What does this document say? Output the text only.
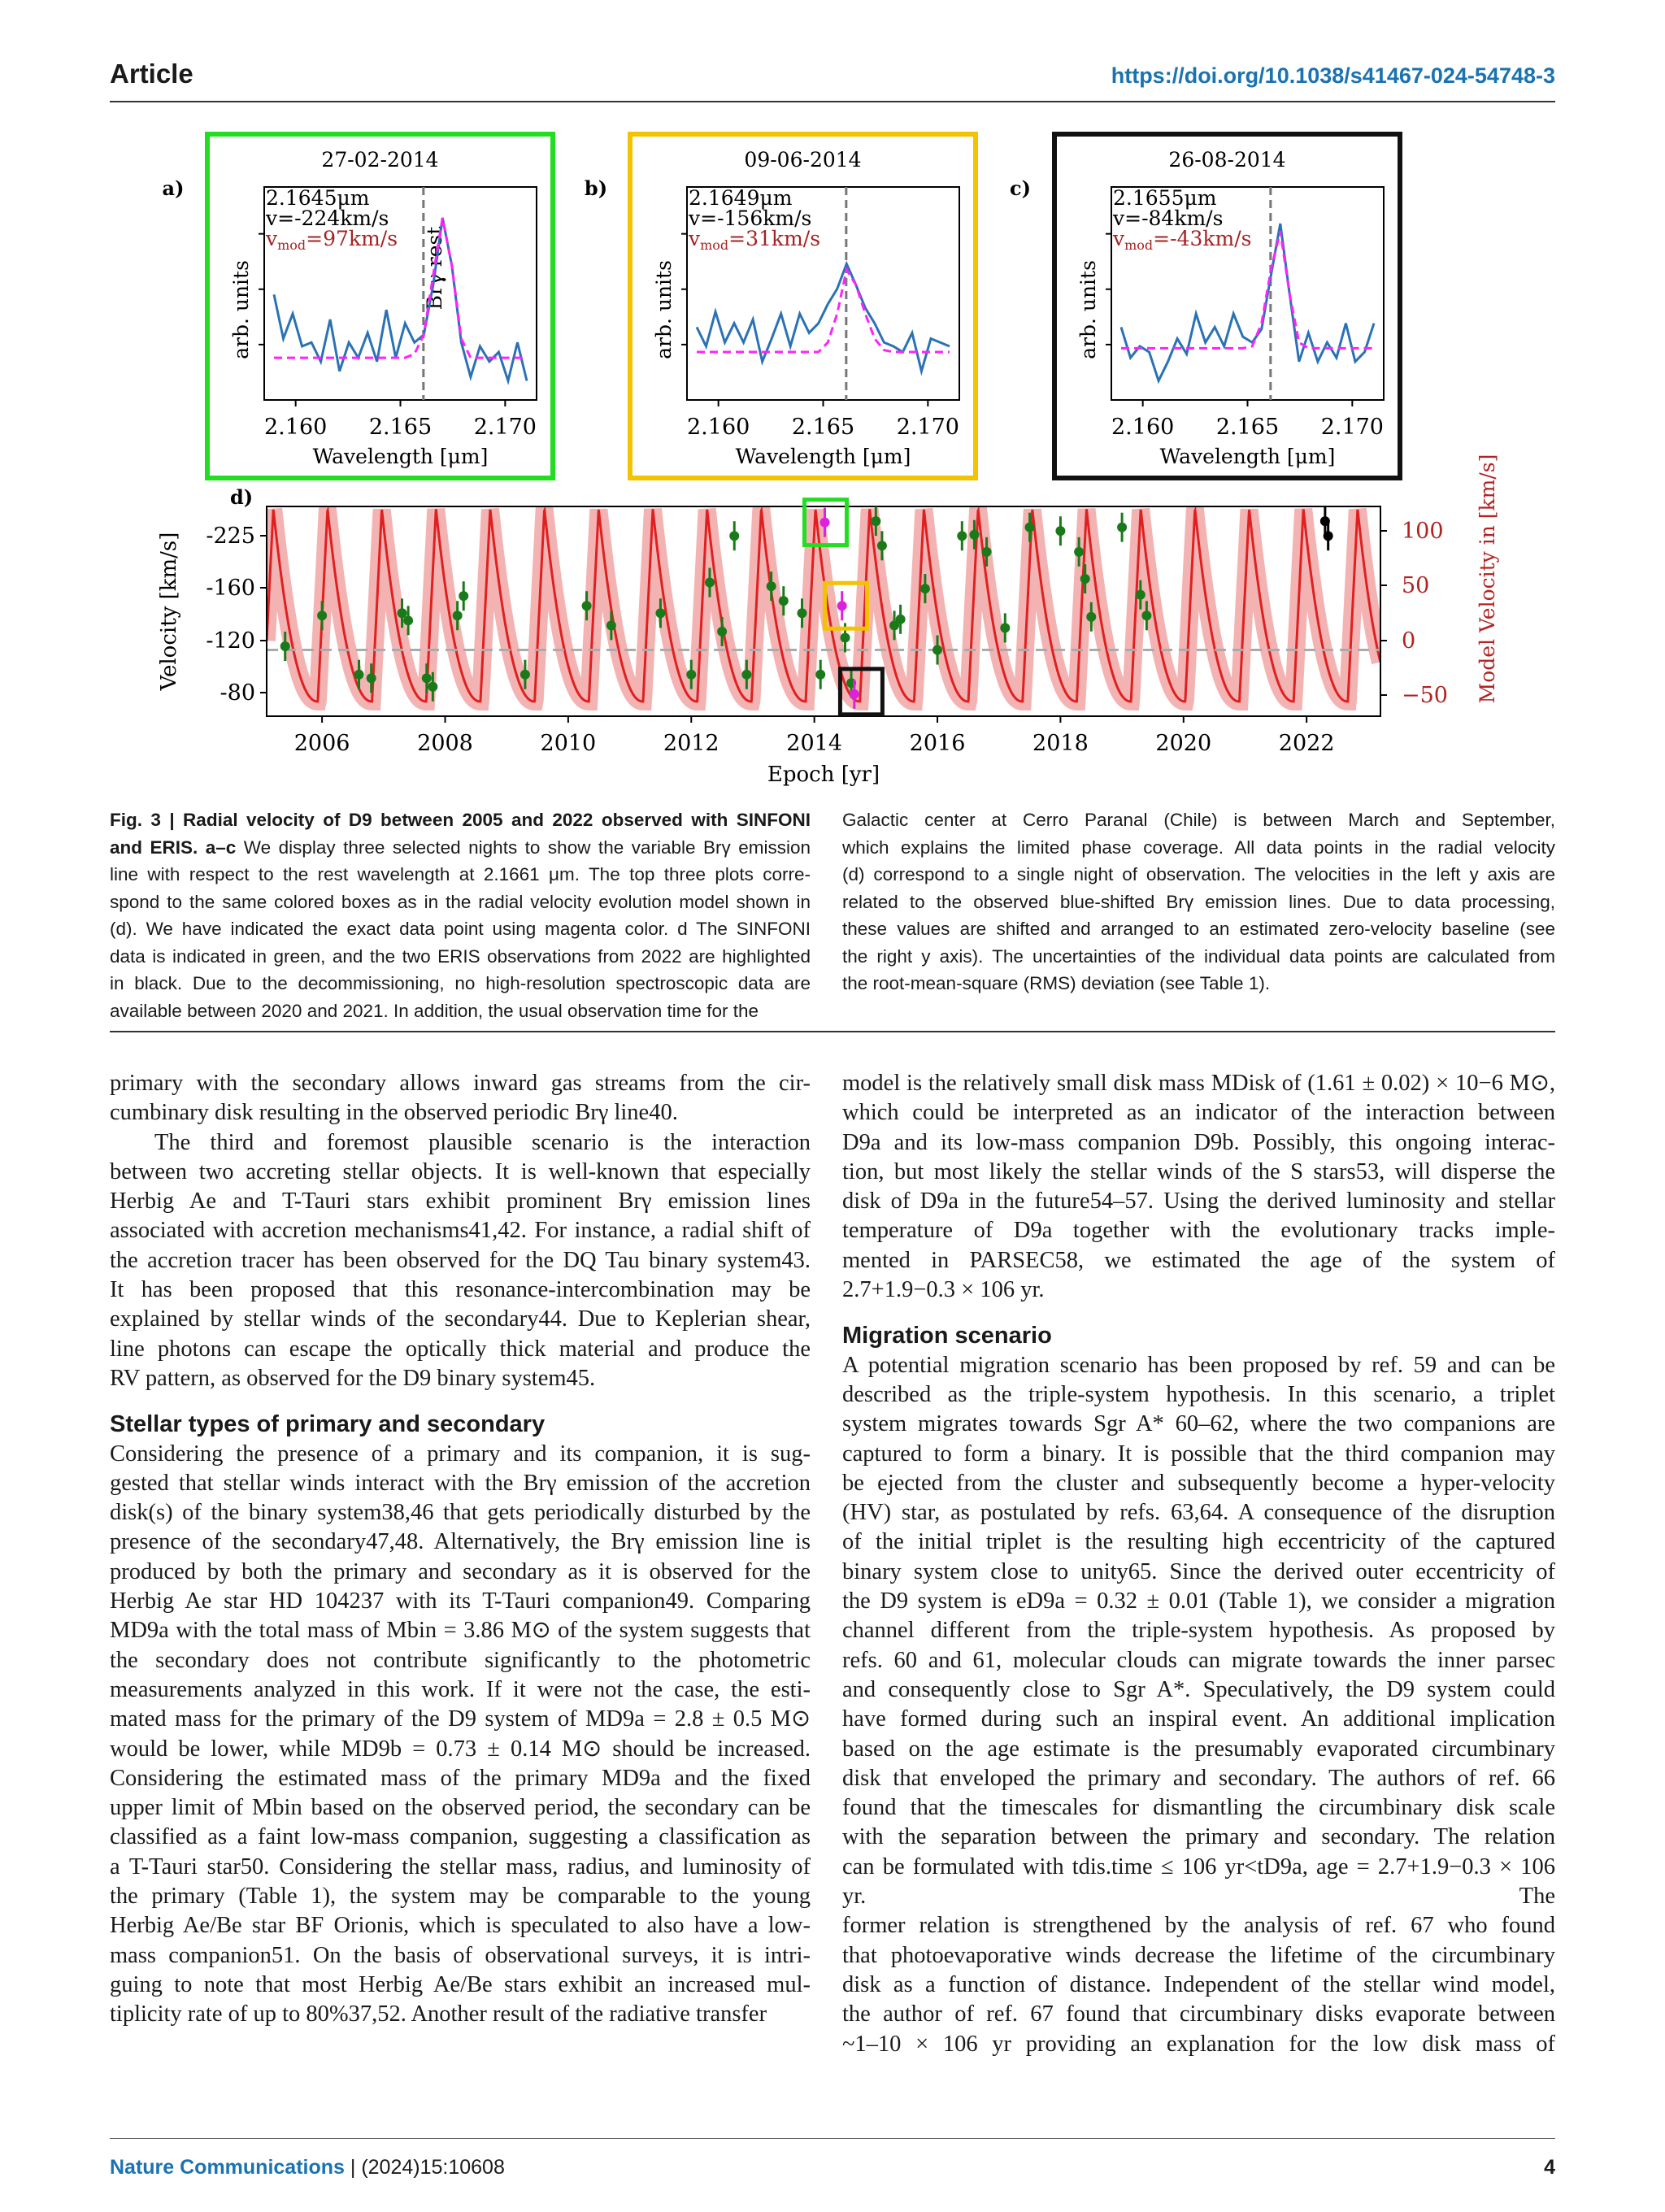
Article	https://doi.org/10.1038/s41467-024-54748-3
27-02-2014
a)
2.160 2.165 2.170
Wavelength [μm]
arb. units	Brγ rest
2.1645μm
v=-224km/s
$v_{mod}=97km/s$
09-06-2014
b)
2.160 2.165 2.170
Wavelength [μm]
arb. units
2.1649μm
v=-156km/s
$v_{mod}=31km/s$
26-08-2014
c)
2.160 2.165 2.170
Wavelength [μm]
arb. units
2.1655μm
v=-84km/s
$v_{mod}=-43km/s$
d)
2006	2008	2010	2012	2014	2016	2018	2020	2022
Epoch [yr]
-225
-160
-120
-80
Velocity [km/s]
100
50
0
−50 Model Velocity in [km/s]
Fig. 3 | Radial velocity of D9 between 2005 and 2022 observed with SINFONI
and ERIS. a–c We display three selected nights to show the variable Brγ emission
line with respect to the rest wavelength at 2.1661 μm. The top three plots corre-
spond to the same colored boxes as in the radial velocity evolution model shown in
(d). We have indicated the exact data point using magenta color. d The SINFONI
data is indicated in green, and the two ERIS observations from 2022 are highlighted
in black. Due to the decommissioning, no high-resolution spectroscopic data are
available between 2020 and 2021. In addition, the usual observation time for the
Galactic center at Cerro Paranal (Chile) is between March and September,
which explains the limited phase coverage. All data points in the radial velocity
(d) correspond to a single night of observation. The velocities in the left y axis are
related to the observed blue-shifted Brγ emission lines. Due to data processing,
these values are shifted and arranged to an estimated zero-velocity baseline (see
the right y axis). The uncertainties of the individual data points are calculated from
the root-mean-square (RMS) deviation (see Table 1).
primary with the secondary allows inward gas streams from the cir-
cumbinary disk resulting in the observed periodic Brγ line40.
The third and foremost plausible scenario is the interaction
between two accreting stellar objects. It is well-known that especially
Herbig Ae and T-Tauri stars exhibit prominent Brγ emission lines
associated with accretion mechanisms41,42. For instance, a radial shift of
the accretion tracer has been observed for the DQ Tau binary system43.
It has been proposed that this resonance-intercombination may be
explained by stellar winds of the secondary44. Due to Keplerian shear,
line photons can escape the optically thick material and produce the
RV pattern, as observed for the D9 binary system45.
Stellar types of primary and secondary
Considering the presence of a primary and its companion, it is sug-
gested that stellar winds interact with the Brγ emission of the accretion
disk(s) of the binary system38,46 that gets periodically disturbed by the
presence of the secondary47,48. Alternatively, the Brγ emission line is
produced by both the primary and secondary as it is observed for the
Herbig Ae star HD 104237 with its T-Tauri companion49. Comparing
MD9a with the total mass of Mbin = 3.86 M⊙ of the system suggests that
the secondary does not contribute significantly to the photometric
measurements analyzed in this work. If it were not the case, the esti-
mated mass for the primary of the D9 system of MD9a = 2.8 ± 0.5 M⊙
would be lower, while MD9b = 0.73 ± 0.14 M⊙ should be increased.
Considering the estimated mass of the primary MD9a and the fixed
upper limit of Mbin based on the observed period, the secondary can be
classified as a faint low-mass companion, suggesting a classification as
a T-Tauri star50. Considering the stellar mass, radius, and luminosity of
the primary (Table 1), the system may be comparable to the young
Herbig Ae/Be star BF Orionis, which is speculated to also have a low-
mass companion51. On the basis of observational surveys, it is intri-
guing to note that most Herbig Ae/Be stars exhibit an increased mul-
tiplicity rate of up to 80%37,52. Another result of the radiative transfer
model is the relatively small disk mass MDisk of (1.61 ± 0.02) × 10−6 M⊙,
which could be interpreted as an indicator of the interaction between
D9a and its low-mass companion D9b. Possibly, this ongoing interac-
tion, but most likely the stellar winds of the S stars53, will disperse the
disk of D9a in the future54–57. Using the derived luminosity and stellar
temperature of D9a together with the evolutionary tracks imple-
mented in PARSEC58, we estimated the age of the system of
2.7+1.9−0.3 × 106 yr.
Migration scenario
A potential migration scenario has been proposed by ref. 59 and can be
described as the triple-system hypothesis. In this scenario, a triplet
system migrates towards Sgr A* 60–62, where the two companions are
captured to form a binary. It is possible that the third companion may
be ejected from the cluster and subsequently become a hyper-velocity
(HV) star, as postulated by refs. 63,64. A consequence of the disruption
of the initial triplet is the resulting high eccentricity of the captured
binary system close to unity65. Since the derived outer eccentricity of
the D9 system is eD9a = 0.32 ± 0.01 (Table 1), we consider a migration
channel different from the triple-system hypothesis. As proposed by
refs. 60 and 61, molecular clouds can migrate towards the inner parsec
and consequently close to Sgr A*. Speculatively, the D9 system could
have formed during such an inspiral event. An additional implication
based on the age estimate is the presumably evaporated circumbinary
disk that enveloped the primary and secondary. The authors of ref. 66
found that the timescales for dismantling the circumbinary disk scale
with the separation between the primary and secondary. The relation
can be formulated with tdis.time ≤ 106 yr<tD9a, age = 2.7+1.9−0.3 × 106 yr. The
former relation is strengthened by the analysis of ref. 67 who found
that photoevaporative winds decrease the lifetime of the circumbinary
disk as a function of distance. Independent of the stellar wind model,
the author of ref. 67 found that circumbinary disks evaporate between
~1–10 × 106 yr providing an explanation for the low disk mass of
Nature Communications | (2024)15:10608	4
